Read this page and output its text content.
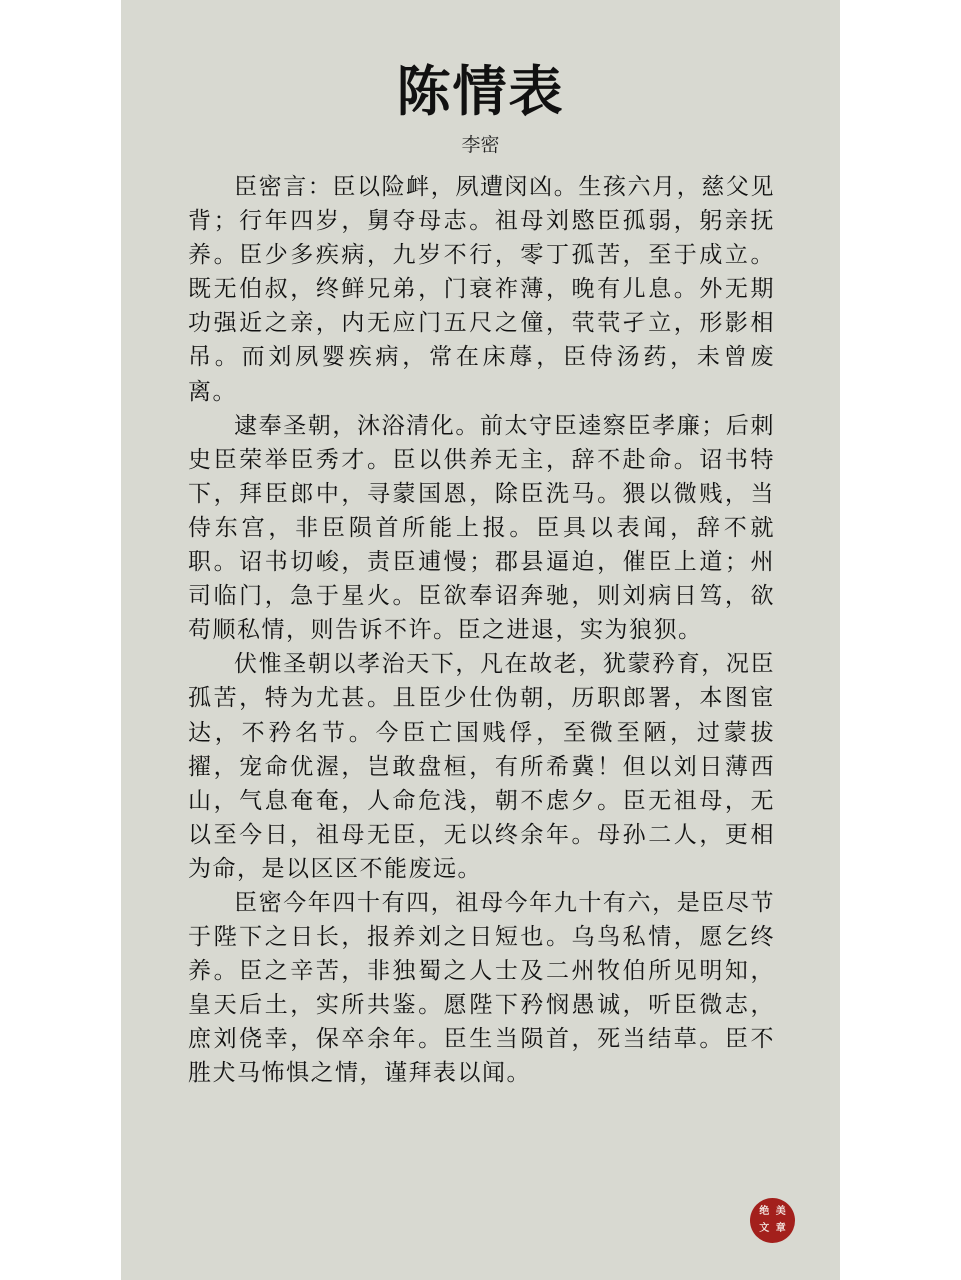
陈情表
李密

臣密言：臣以险衅，夙遭闵凶。生孩六月，慈父见背；行年四岁，舅夺母志。祖母刘愍臣孤弱，躬亲抚养。臣少多疾病，九岁不行，零丁孤苦，至于成立。既无伯叔，终鲜兄弟，门衰祚薄，晚有儿息。外无期功强近之亲，内无应门五尺之僮，茕茕孑立，形影相吊。而刘夙婴疾病，常在床蓐，臣侍汤药，未曾废离。

逮奉圣朝，沐浴清化。前太守臣逵察臣孝廉；后刺史臣荣举臣秀才。臣以供养无主，辞不赴命。诏书特下，拜臣郎中，寻蒙国恩，除臣洗马。猥以微贱，当侍东宫，非臣陨首所能上报。臣具以表闻，辞不就职。诏书切峻，责臣逋慢；郡县逼迫，催臣上道；州司临门，急于星火。臣欲奉诏奔驰，则刘病日笃，欲苟顺私情，则告诉不许。臣之进退，实为狼狈。

伏惟圣朝以孝治天下，凡在故老，犹蒙矜育，况臣孤苦，特为尤甚。且臣少仕伪朝，历职郎署，本图宦达，不矜名节。今臣亡国贱俘，至微至陋，过蒙拔擢，宠命优渥，岂敢盘桓，有所希冀！但以刘日薄西山，气息奄奄，人命危浅，朝不虑夕。臣无祖母，无以至今日，祖母无臣，无以终余年。母孙二人，更相为命，是以区区不能废远。

臣密今年四十有四，祖母今年九十有六，是臣尽节于陛下之日长，报养刘之日短也。乌鸟私情，愿乞终养。臣之辛苦，非独蜀之人士及二州牧伯所见明知，皇天后土，实所共鉴。愿陛下矜悯愚诚，听臣微志，庶刘侥幸，保卒余年。臣生当陨首，死当结草。臣不胜犬马怖惧之情，谨拜表以闻。

绝 美
文 章
